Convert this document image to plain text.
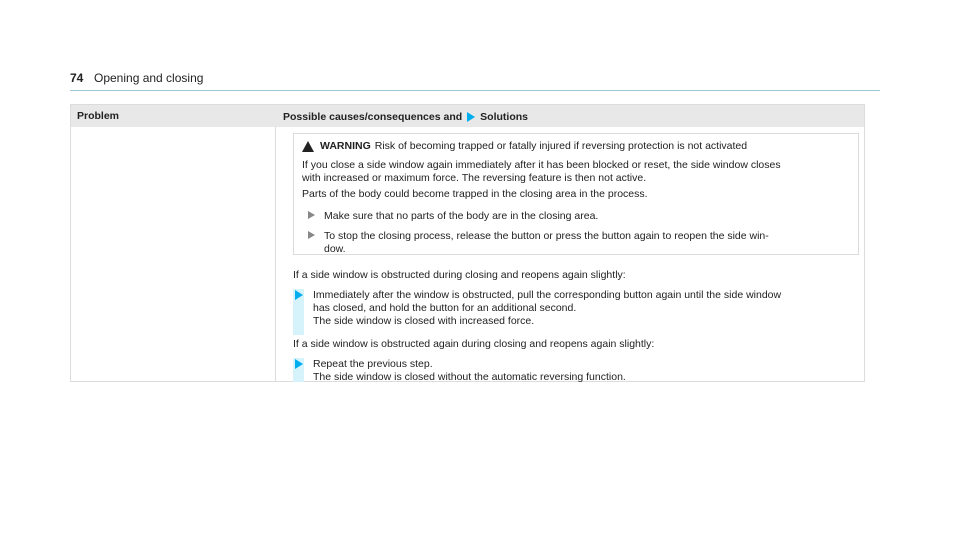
74 Opening and closing
Problem	Possible causes/consequences and Solutions
WARNING Risk of becoming trapped or fatally injured if reversing protection is not activated
If you close a side window again immediately after it has been blocked or reset, the side window closes
with increased or maximum force. The reversing feature is then not active.
Parts of the body could become trapped in the closing area in the process.
Make sure that no parts of the body are in the closing area.
To stop the closing process, release the button or press the button again to reopen the side win-
dow.
If a side window is obstructed during closing and reopens again slightly:
Immediately after the window is obstructed, pull the corresponding button again until the side window
has closed, and hold the button for an additional second.
The side window is closed with increased force.
If a side window is obstructed again during closing and reopens again slightly:
Repeat the previous step.
The side window is closed without the automatic reversing function.
